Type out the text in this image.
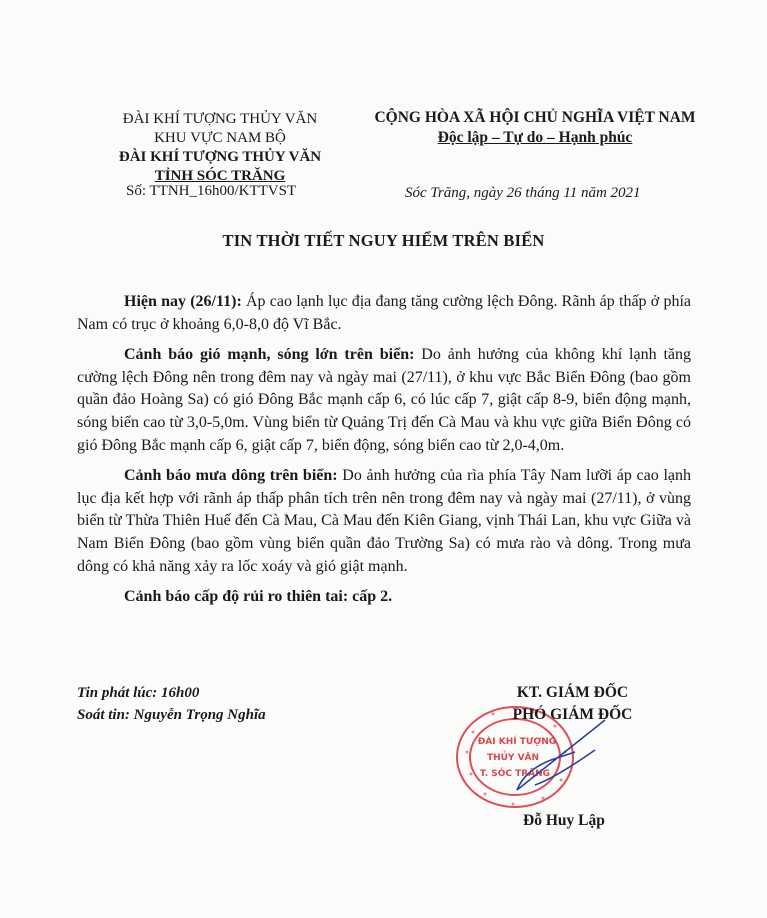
ĐÀI KHÍ TƯỢNG THỦY VĂN
KHU VỰC NAM BỘ
ĐÀI KHÍ TƯỢNG THỦY VĂN
TỈNH SÓC TRĂNG
Số: TTNH_16h00/KTTVST
CỘNG HÒA XÃ HỘI CHỦ NGHĨA VIỆT NAM
Độc lập – Tự do – Hạnh phúc
Sóc Trăng, ngày 26 tháng 11 năm 2021
TIN THỜI TIẾT NGUY HIỂM TRÊN BIỂN

Hiện nay (26/11): Áp cao lạnh lục địa đang tăng cường lệch Đông. Rãnh áp thấp ở phía Nam có trục ở khoảng 6,0-8,0 độ Vĩ Bắc.

Cảnh báo gió mạnh, sóng lớn trên biển: Do ảnh hưởng của không khí lạnh tăng cường lệch Đông nên trong đêm nay và ngày mai (27/11), ở khu vực Bắc Biển Đông (bao gồm quần đảo Hoàng Sa) có gió Đông Bắc mạnh cấp 6, có lúc cấp 7, giật cấp 8-9, biển động mạnh, sóng biển cao từ 3,0-5,0m. Vùng biển từ Quảng Trị đến Cà Mau và khu vực giữa Biển Đông có gió Đông Bắc mạnh cấp 6, giật cấp 7, biển động, sóng biển cao từ 2,0-4,0m.

Cảnh báo mưa dông trên biển: Do ảnh hưởng của rìa phía Tây Nam lưỡi áp cao lạnh lục địa kết hợp với rãnh áp thấp phân tích trên nên trong đêm nay và ngày mai (27/11), ở vùng biển từ Thừa Thiên Huế đến Cà Mau, Cà Mau đến Kiên Giang, vịnh Thái Lan, khu vực Giữa và Nam Biển Đông (bao gồm vùng biển quần đảo Trường Sa) có mưa rào và dông. Trong mưa dông có khả năng xảy ra lốc xoáy và gió giật mạnh.

Cảnh báo cấp độ rủi ro thiên tai: cấp 2.

Tin phát lúc: 16h00
Soát tin: Nguyễn Trọng Nghĩa
ĐÀI KHÍ TƯỢNG
THỦY VĂN
T. SÓC TRĂNG
KT. GIÁM ĐỐC
PHÓ GIÁM ĐỐC
Đỗ Huy Lập
